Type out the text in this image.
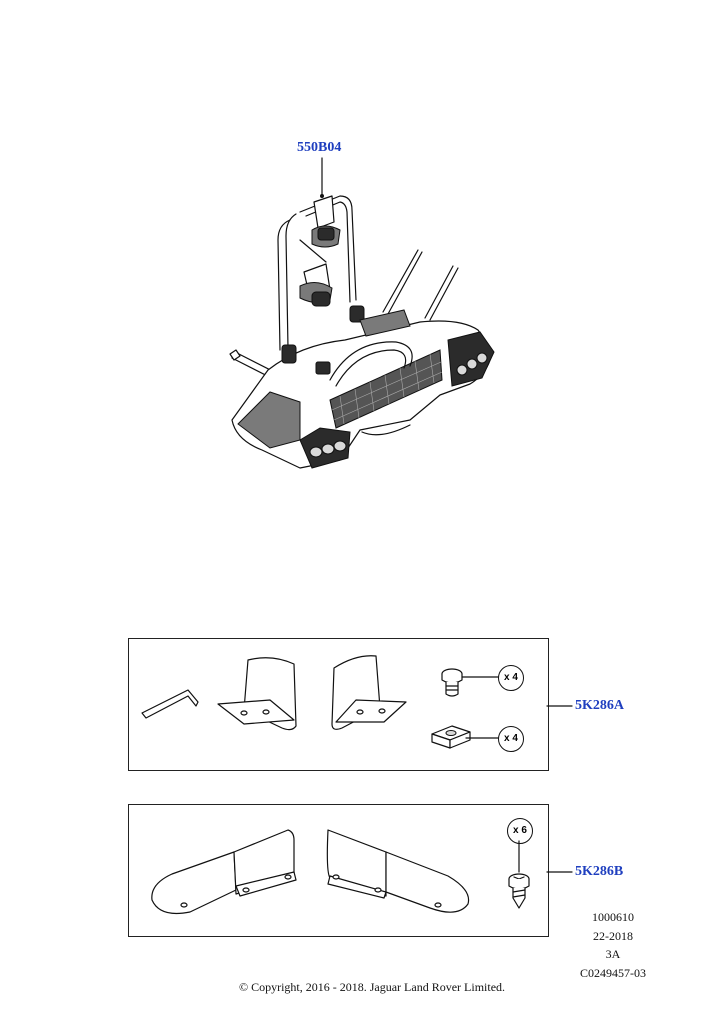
550B04
x 4
x 4
5K286A
x 6
5K286B
1000610
22-2018
3A
C0249457-03
© Copyright, 2016 - 2018. Jaguar Land Rover Limited.
